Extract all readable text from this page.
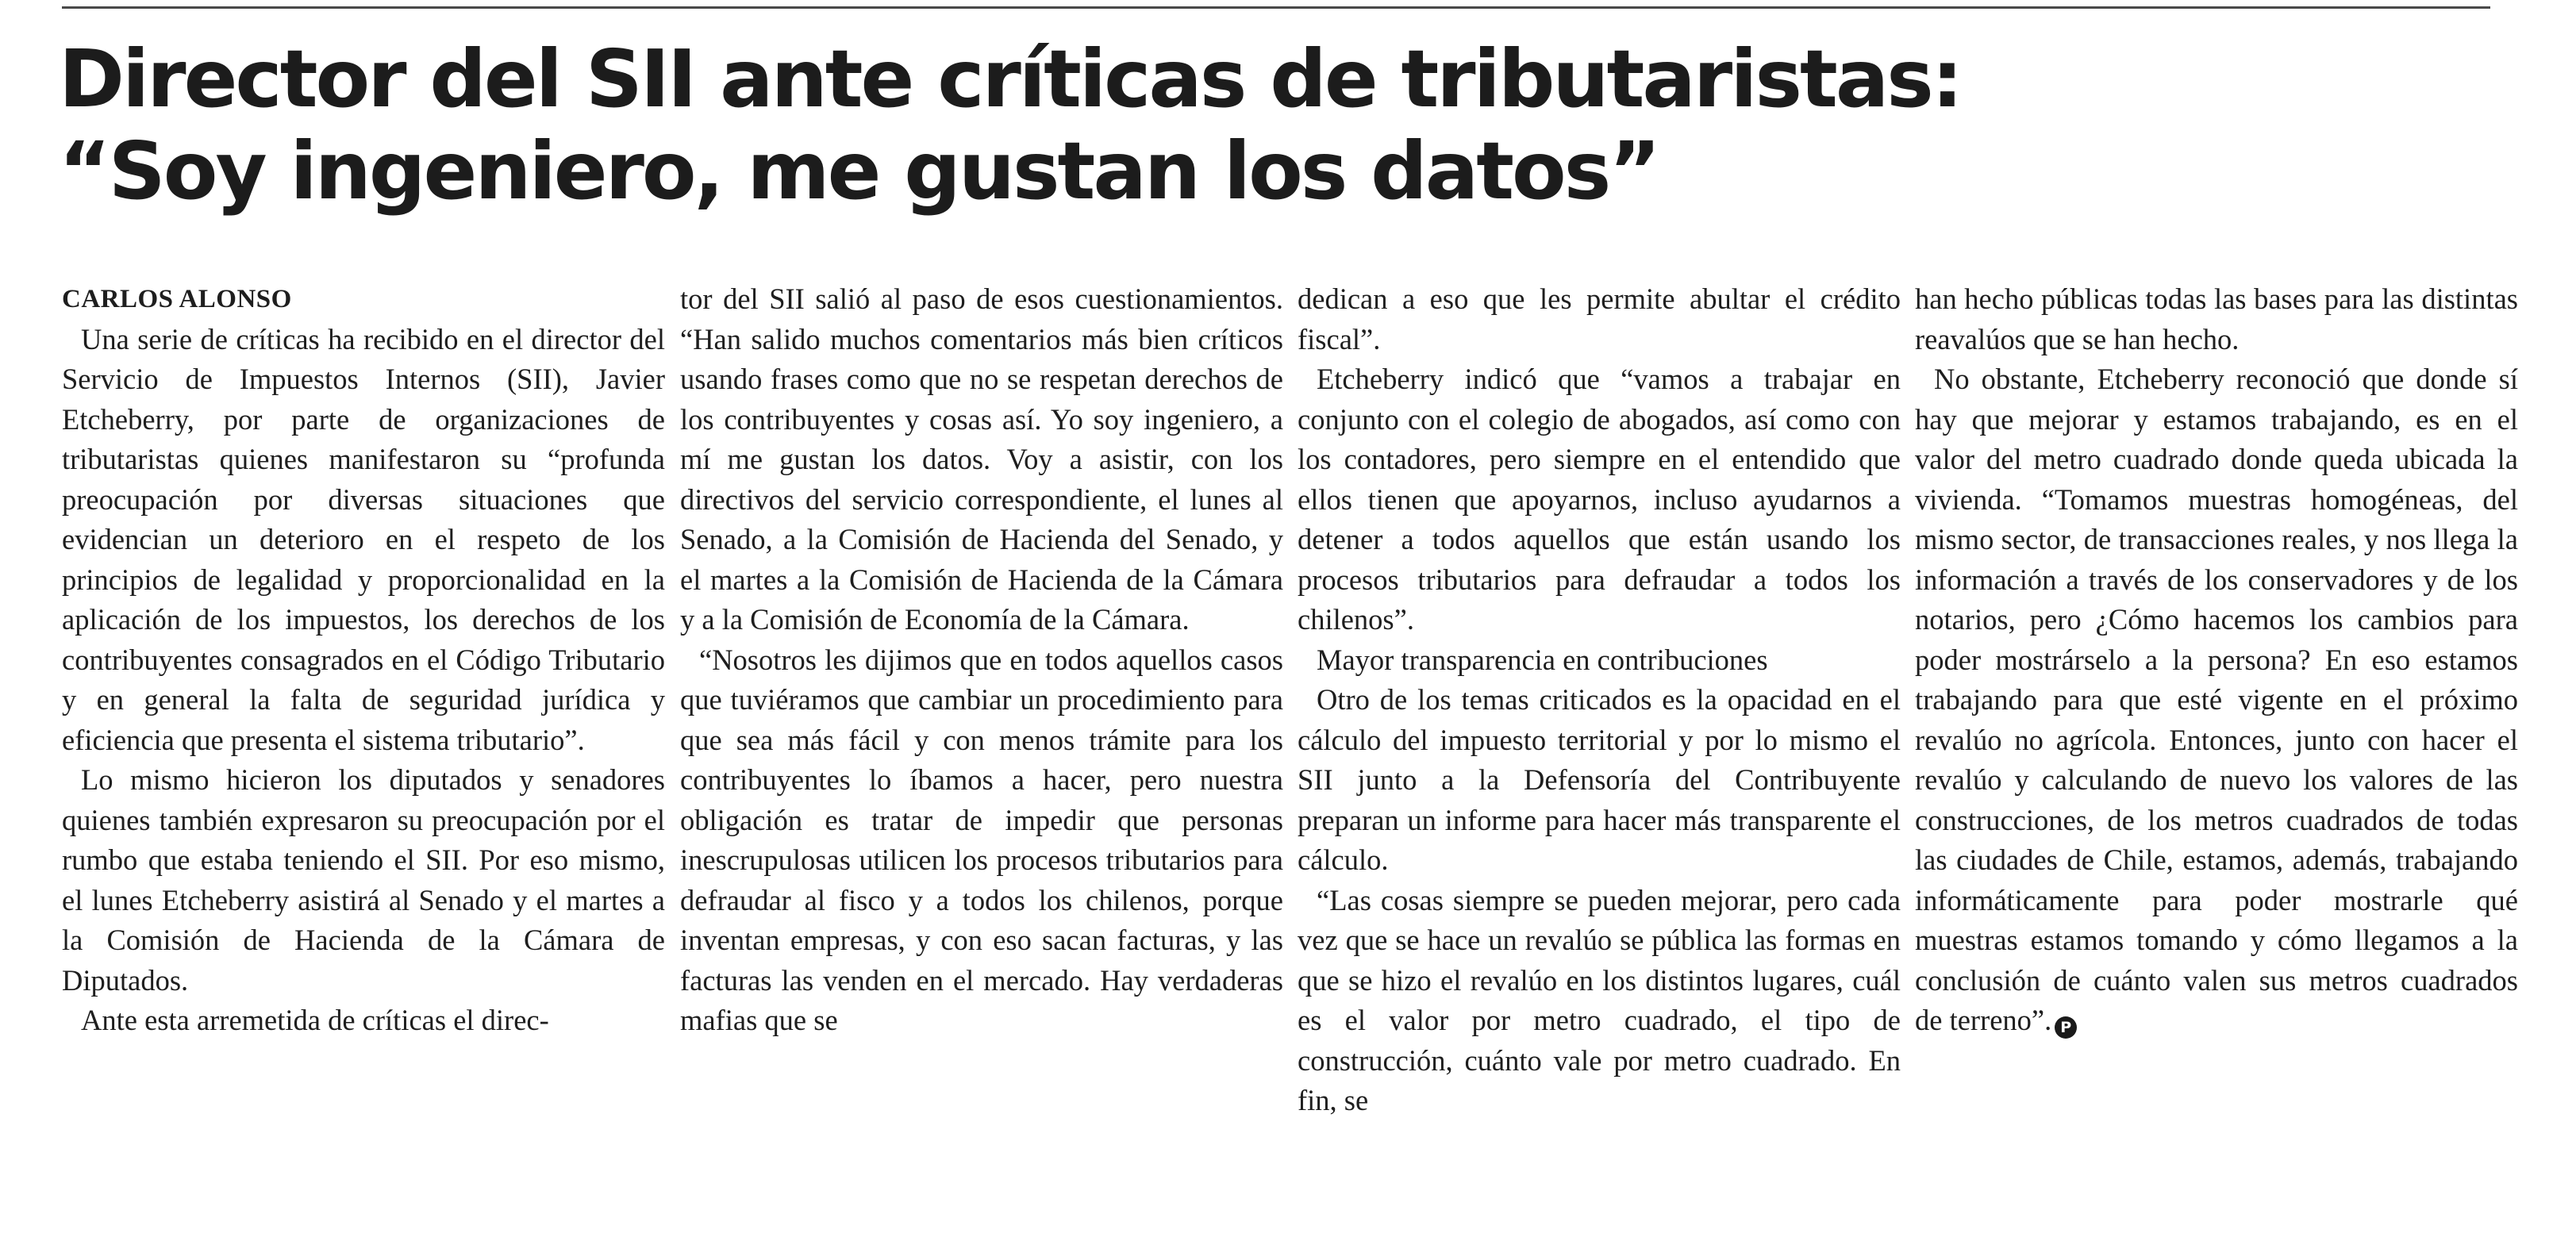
Director del SII ante críticas de tributaristas:
“Soy ingeniero, me gustan los datos”

CARLOS ALONSO

Una serie de críticas ha recibido en el director del Servicio de Impuestos Internos (SII), Javier Etcheberry, por parte de organizaciones de tributaristas quienes manifestaron su “profunda preocupación por diversas situaciones que evidencian un deterioro en el respeto de los principios de legalidad y proporcionalidad en la aplicación de los impuestos, los derechos de los contribuyentes consagrados en el Código Tributario y en general la falta de seguridad jurídica y eficiencia que presenta el sistema tributario”.

Lo mismo hicieron los diputados y senadores quienes también expresaron su preocupación por el rumbo que estaba teniendo el SII. Por eso mismo, el lunes Etcheberry asistirá al Senado y el martes a la Comisión de Hacienda de la Cámara de Diputados.

Ante esta arremetida de críticas el direc-

tor del SII salió al paso de esos cuestionamientos. “Han salido muchos comentarios más bien críticos usando frases como que no se respetan derechos de los contribuyentes y cosas así. Yo soy ingeniero, a mí me gustan los datos. Voy a asistir, con los directivos del servicio correspondiente, el lunes al Senado, a la Comisión de Hacienda del Senado, y el martes a la Comisión de Hacienda de la Cámara y a la Comisión de Economía de la Cámara.

“Nosotros les dijimos que en todos aquellos casos que tuviéramos que cambiar un procedimiento para que sea más fácil y con menos trámite para los contribuyentes lo íbamos a hacer, pero nuestra obligación es tratar de impedir que personas inescrupulosas utilicen los procesos tributarios para defraudar al fisco y a todos los chilenos, porque inventan empresas, y con eso sacan facturas, y las facturas las venden en el mercado. Hay verdaderas mafias que se

dedican a eso que les permite abultar el crédito fiscal”.

Etcheberry indicó que “vamos a trabajar en conjunto con el colegio de abogados, así como con los contadores, pero siempre en el entendido que ellos tienen que apoyarnos, incluso ayudarnos a detener a todos aquellos que están usando los procesos tributarios para defraudar a todos los chilenos”.

Mayor transparencia en contribuciones

Otro de los temas criticados es la opacidad en el cálculo del impuesto territorial y por lo mismo el SII junto a la Defensoría del Contribuyente preparan un informe para hacer más transparente el cálculo.

“Las cosas siempre se pueden mejorar, pero cada vez que se hace un revalúo se pública las formas en que se hizo el revalúo en los distintos lugares, cuál es el valor por metro cuadrado, el tipo de construcción, cuánto vale por metro cuadrado. En fin, se

han hecho públicas todas las bases para las distintas reavalúos que se han hecho.

No obstante, Etcheberry reconoció que donde sí hay que mejorar y estamos trabajando, es en el valor del metro cuadrado donde queda ubicada la vivienda. “Tomamos muestras homogéneas, del mismo sector, de transacciones reales, y nos llega la información a través de los conservadores y de los notarios, pero ¿Cómo hacemos los cambios para poder mostrárselo a la persona? En eso estamos trabajando para que esté vigente en el próximo revalúo no agrícola. Entonces, junto con hacer el revalúo y calculando de nuevo los valores de las construcciones, de los metros cuadrados de todas las ciudades de Chile, estamos, además, trabajando informáticamente para poder mostrarle qué muestras estamos tomando y cómo llegamos a la conclusión de cuánto valen sus metros cuadrados de terreno”. P
